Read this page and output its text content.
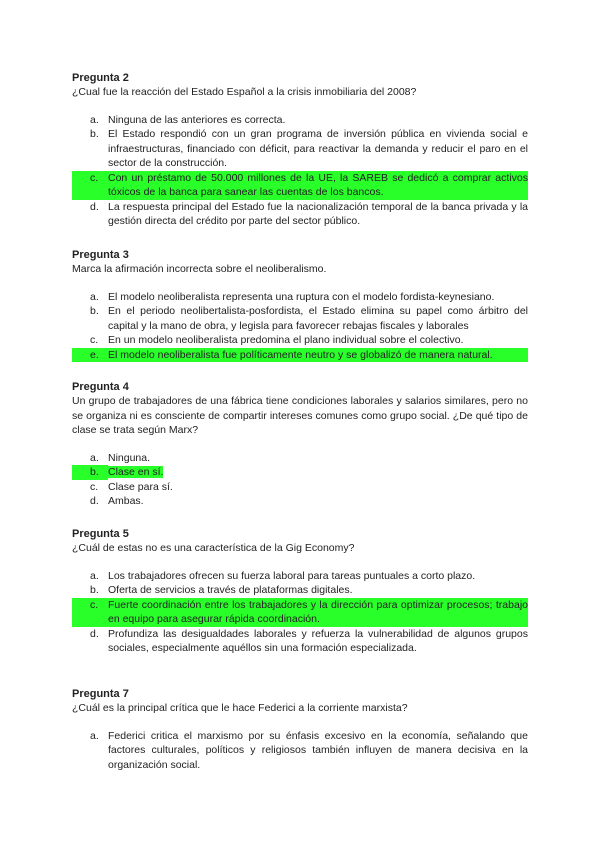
Pregunta 2

¿Cual fue la reacción del Estado Español a la crisis inmobiliaria del 2008?

a. Ninguna de las anteriores es correcta.
b. El Estado respondió con un gran programa de inversión pública en vivienda social e infraestructuras, financiado con déficit, para reactivar la demanda y reducir el paro en el sector de la construcción.
c. Con un préstamo de 50.000 millones de la UE, la SAREB se dedicó a comprar activos tóxicos de la banca para sanear las cuentas de los bancos.
d. La respuesta principal del Estado fue la nacionalización temporal de la banca privada y la gestión directa del crédito por parte del sector público.

Pregunta 3

Marca la afirmación incorrecta sobre el neoliberalismo.

a. El modelo neoliberalista representa una ruptura con el modelo fordista-keynesiano.
b. En el periodo neolibertalista-posfordista, el Estado elimina su papel como árbitro del capital y la mano de obra, y legisla para favorecer rebajas fiscales y laborales
c. En un modelo neoliberalista predomina el plano individual sobre el colectivo.
e. El modelo neoliberalista fue políticamente neutro y se globalizó de manera natural.

Pregunta 4

Un grupo de trabajadores de una fábrica tiene condiciones laborales y salarios similares, pero no se organiza ni es consciente de compartir intereses comunes como grupo social. ¿De qué tipo de clase se trata según Marx?

a. Ninguna.
b. Clase en sí.
c. Clase para sí.
d. Ambas.

Pregunta 5

¿Cuál de estas no es una característica de la Gig Economy?

a. Los trabajadores ofrecen su fuerza laboral para tareas puntuales a corto plazo.
b. Oferta de servicios a través de plataformas digitales.
c. Fuerte coordinación entre los trabajadores y la dirección para optimizar procesos; trabajo en equipo para asegurar rápida coordinación.
d. Profundiza las desigualdades laborales y refuerza la vulnerabilidad de algunos grupos sociales, especialmente aquéllos sin una formación especializada.

Pregunta 7

¿Cuál es la principal crítica que le hace Federici a la corriente marxista?

a. Federici critica el marxismo por su énfasis excesivo en la economía, señalando que factores culturales, políticos y religiosos también influyen de manera decisiva en la organización social.
